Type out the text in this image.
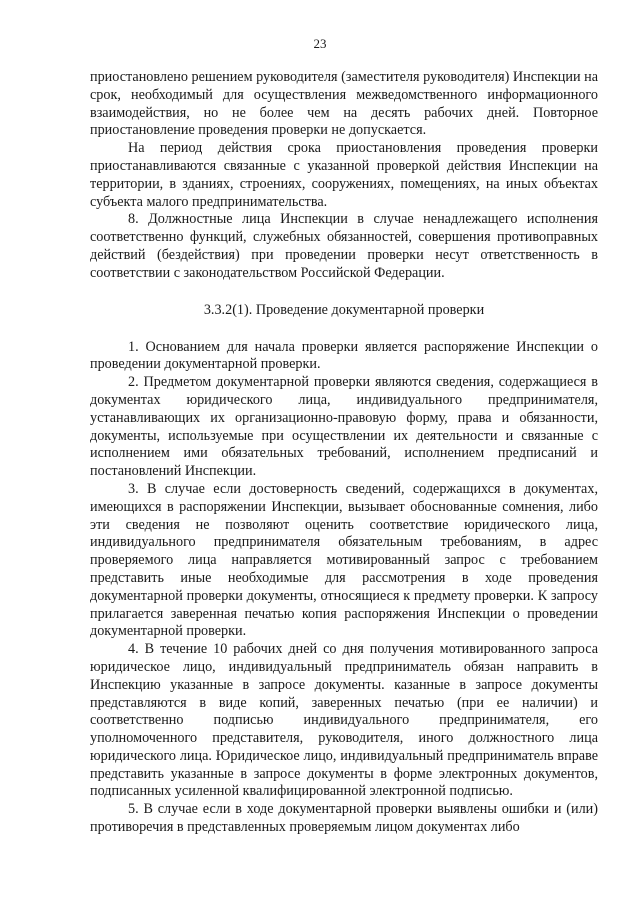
23

приостановлено решением руководителя (заместителя руководителя) Инспекции на срок, необходимый для осуществления межведомственного информационного взаимодействия, но не более чем на десять рабочих дней. Повторное приостановление проведения проверки не допускается.

На период действия срока приостановления проведения проверки приостанавливаются связанные с указанной проверкой действия Инспекции на территории, в зданиях, строениях, сооружениях, помещениях, на иных объектах субъекта малого предпринимательства.

8. Должностные лица Инспекции в случае ненадлежащего исполнения соответственно функций, служебных обязанностей, совершения противоправных действий (бездействия) при проведении проверки несут ответственность в соответствии с законодательством Российской Федерации.

3.3.2(1). Проведение документарной проверки

1. Основанием для начала проверки является распоряжение Инспекции о проведении документарной проверки.

2. Предметом документарной проверки являются сведения, содержащиеся в документах юридического лица, индивидуального предпринимателя, устанавливающих их организационно-правовую форму, права и обязанности, документы, используемые при осуществлении их деятельности и связанные с исполнением ими обязательных требований, исполнением предписаний и постановлений Инспекции.

3. В случае если достоверность сведений, содержащихся в документах, имеющихся в распоряжении Инспекции, вызывает обоснованные сомнения, либо эти сведения не позволяют оценить соответствие юридического лица, индивидуального предпринимателя обязательным требованиям, в адрес проверяемого лица направляется мотивированный запрос с требованием представить иные необходимые для рассмотрения в ходе проведения документарной проверки документы, относящиеся к предмету проверки. К запросу прилагается заверенная печатью копия распоряжения Инспекции о проведении документарной проверки.

4. В течение 10 рабочих дней со дня получения мотивированного запроса юридическое лицо, индивидуальный предприниматель обязан направить в Инспекцию указанные в запросе документы. казанные в запросе документы представляются в виде копий, заверенных печатью (при ее наличии) и соответственно подписью индивидуального предпринимателя, его уполномоченного представителя, руководителя, иного должностного лица юридического лица. Юридическое лицо, индивидуальный предприниматель вправе представить указанные в запросе документы в форме электронных документов, подписанных усиленной квалифицированной электронной подписью.

5. В случае если в ходе документарной проверки выявлены ошибки и (или) противоречия в представленных проверяемым лицом документах либо
